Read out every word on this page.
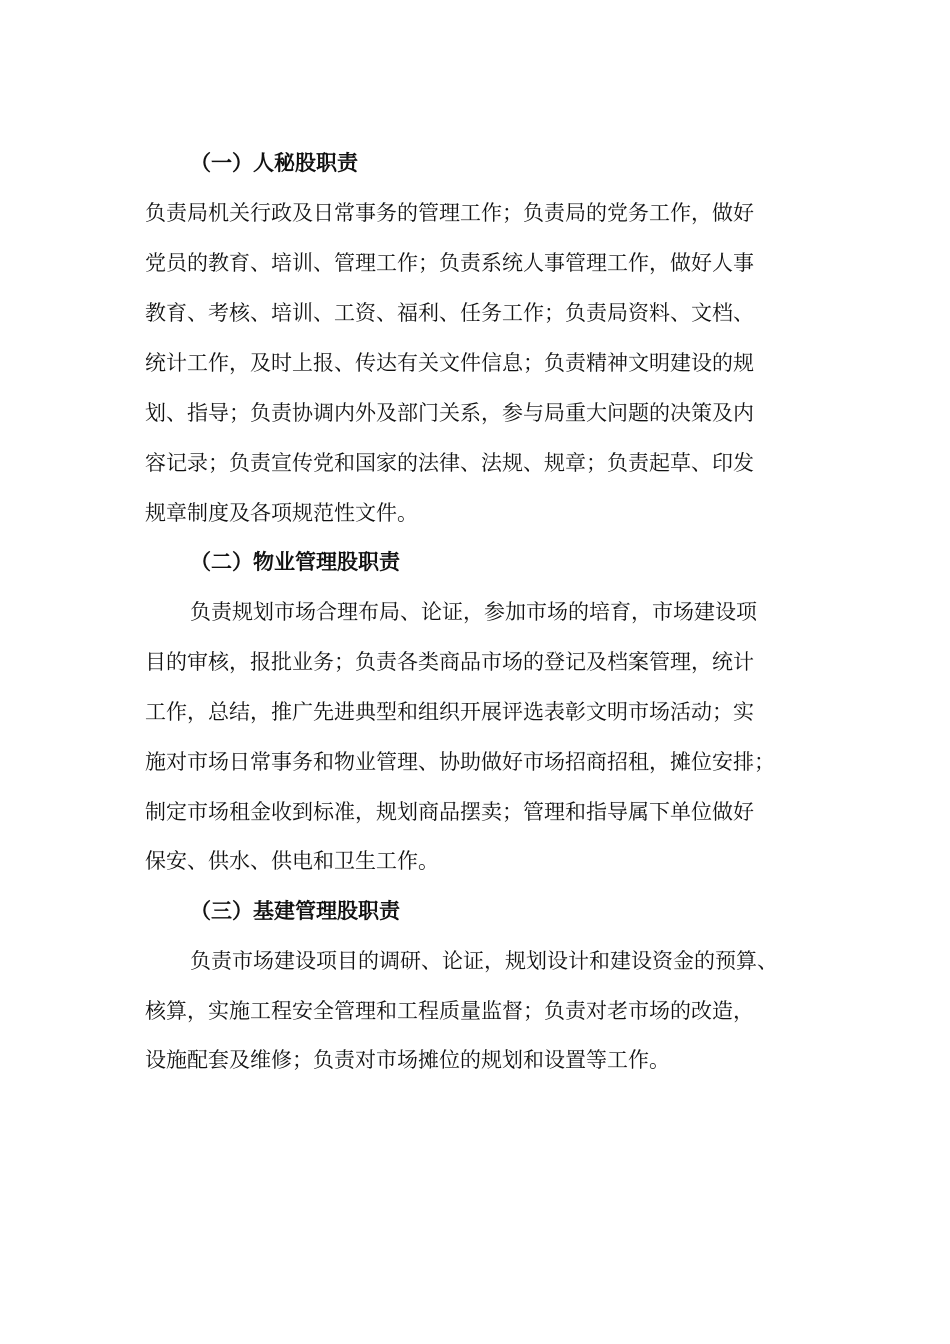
（一）人秘股职责
负责局机关行政及日常事务的管理工作；负责局的党务工作，做好
党员的教育、培训、管理工作；负责系统人事管理工作，做好人事
教育、考核、培训、工资、福利、任务工作；负责局资料、文档、
统计工作，及时上报、传达有关文件信息；负责精神文明建设的规
划、指导；负责协调内外及部门关系，参与局重大问题的决策及内
容记录；负责宣传党和国家的法律、法规、规章；负责起草、印发
规章制度及各项规范性文件。
（二）物业管理股职责
负责规划市场合理布局、论证，参加市场的培育，市场建设项
目的审核，报批业务；负责各类商品市场的登记及档案管理，统计
工作，总结，推广先进典型和组织开展评选表彰文明市场活动；实
施对市场日常事务和物业管理、协助做好市场招商招租，摊位安排；
制定市场租金收到标准，规划商品摆卖；管理和指导属下单位做好
保安、供水、供电和卫生工作。
（三）基建管理股职责
负责市场建设项目的调研、论证，规划设计和建设资金的预算、
核算，实施工程安全管理和工程质量监督；负责对老市场的改造，
设施配套及维修；负责对市场摊位的规划和设置等工作。
